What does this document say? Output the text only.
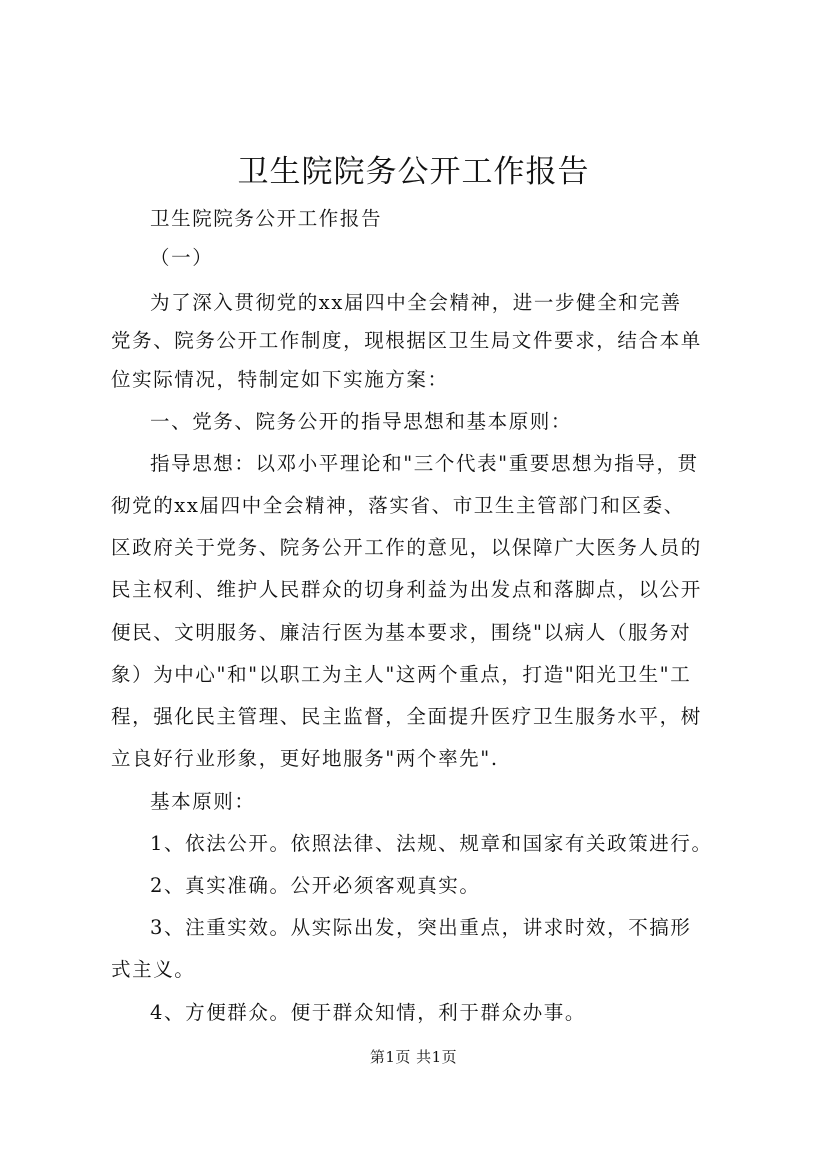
卫生院院务公开工作报告
卫生院院务公开工作报告
（一）
为了深入贯彻党的xx届四中全会精神，进一步健全和完善
党务、院务公开工作制度，现根据区卫生局文件要求，结合本单
位实际情况，特制定如下实施方案：
一、党务、院务公开的指导思想和基本原则：
指导思想：以邓小平理论和"三个代表"重要思想为指导，贯
彻党的xx届四中全会精神，落实省、市卫生主管部门和区委、
区政府关于党务、院务公开工作的意见，以保障广大医务人员的
民主权利、维护人民群众的切身利益为出发点和落脚点，以公开
便民、文明服务、廉洁行医为基本要求，围绕"以病人（服务对
象）为中心"和"以职工为主人"这两个重点，打造"阳光卫生"工
程，强化民主管理、民主监督，全面提升医疗卫生服务水平，树
立良好行业形象，更好地服务"两个率先".
基本原则：
1、依法公开。依照法律、法规、规章和国家有关政策进行。
2、真实准确。公开必须客观真实。
3、注重实效。从实际出发，突出重点，讲求时效，不搞形
式主义。
4、方便群众。便于群众知情，利于群众办事。
第1页 共1页
